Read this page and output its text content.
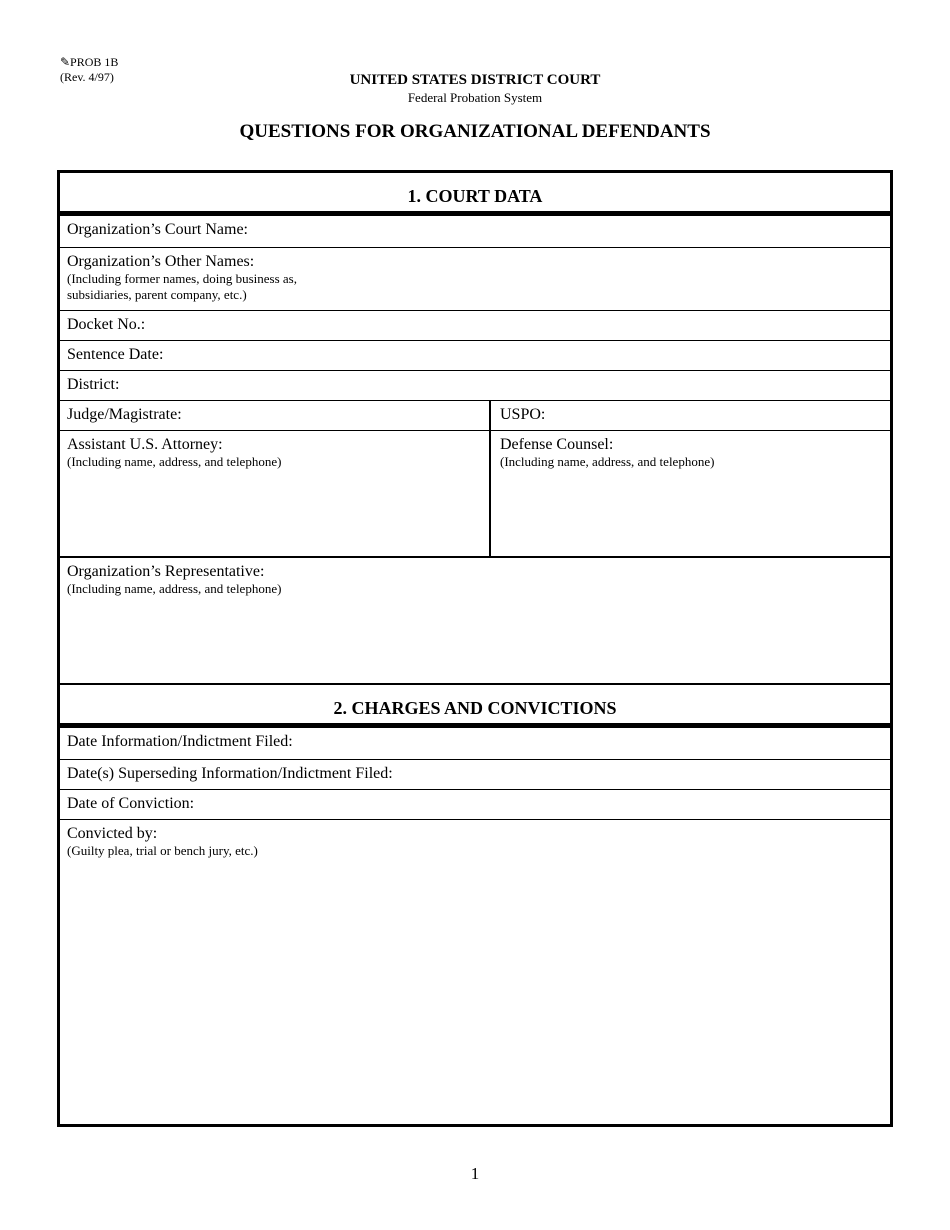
✎PROB 1B
(Rev. 4/97)	UNITED STATES DISTRICT COURT
Federal Probation System
QUESTIONS FOR ORGANIZATIONAL DEFENDANTS
1. COURT DATA
Organization’s Court Name:
Organization’s Other Names:
(Including former names, doing business as,
subsidiaries, parent company, etc.)
Docket No.:
Sentence Date:
District:
Judge/Magistrate:	USPO:
Assistant U.S. Attorney:
(Including name, address, and telephone)
Defense Counsel:
(Including name, address, and telephone)
Organization’s Representative:
(Including name, address, and telephone)
2. CHARGES AND CONVICTIONS
Date Information/Indictment Filed:
Date(s) Superseding Information/Indictment Filed:
Date of Conviction:
Convicted by:
(Guilty plea, trial or bench jury, etc.)
1
